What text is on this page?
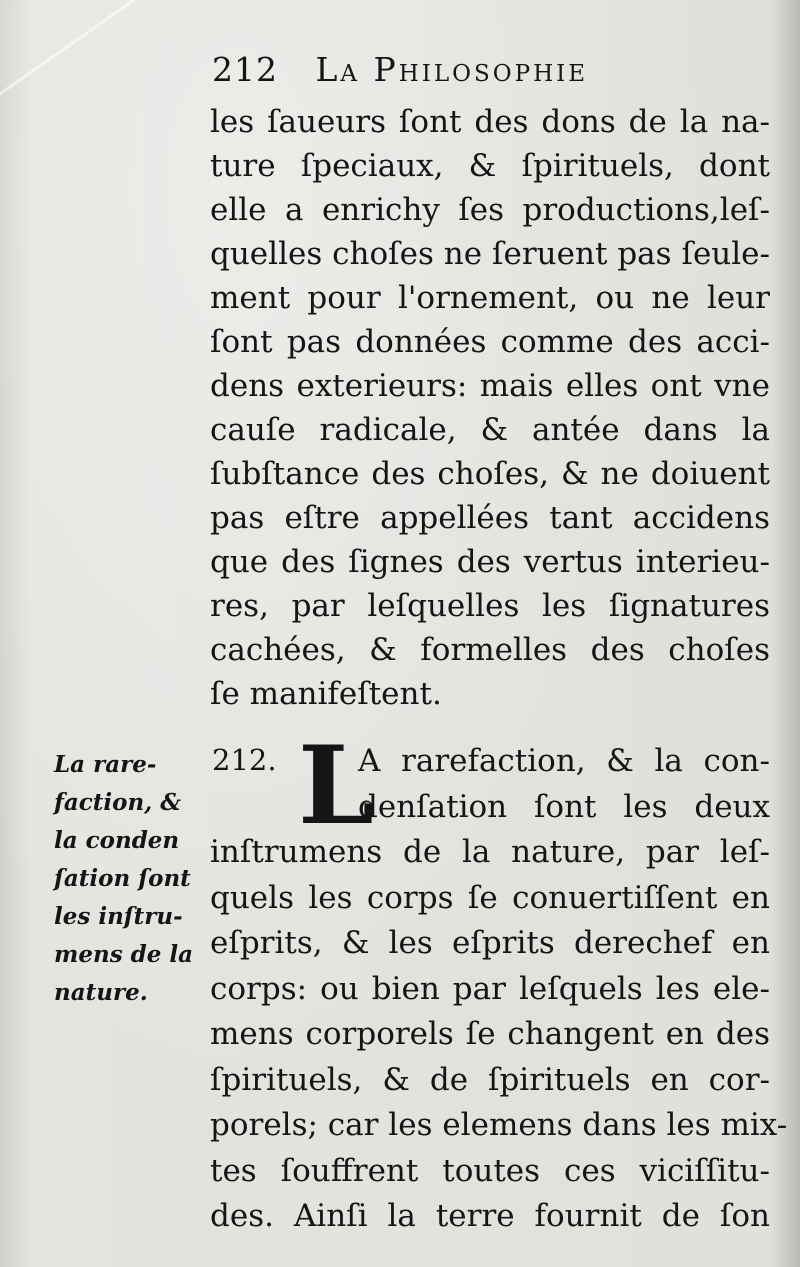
212 La Philosophie
les ſaueurs ſont des dons de la na-
ture ſpeciaux, & ſpirituels, dont
elle a enrichy ſes productions,leſ-
quelles choſes ne ſeruent pas ſeule-
ment pour l'ornement, ou ne leur
ſont pas données comme des acci-
dens exterieurs: mais elles ont vne
cauſe radicale, & antée dans la
ſubſtance des choſes, & ne doiuent
pas eſtre appellées tant accidens
que des ſignes des vertus interieu-
res, par leſquelles les ſignatures
cachées, & formelles des choſes
ſe manifeſtent.
La rare-
faction, &
la conden
ſation ſont
les inſtru-
mens de la
nature.
212. L
A rarefaction, & la con-
denſation ſont les deux
inſtrumens de la nature, par leſ-
quels les corps ſe conuertiſſent en
eſprits, & les eſprits derechef en
corps: ou bien par leſquels les ele-
mens corporels ſe changent en des
ſpirituels, & de ſpirituels en cor-
porels; car les elemens dans les mix-
tes ſouffrent toutes ces viciſſitu-
des. Ainſi la terre fournit de ſon
